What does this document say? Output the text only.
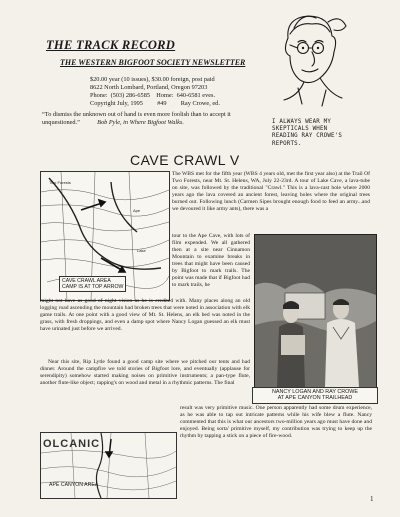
THE TRACK RECORD
THE WESTERN BIGFOOT SOCIETY NEWSLETTER
$20.00 year (10 issues), $30.00 foreign, post paid
8622 North Lombard, Portland, Oregon 97203
Phone:  (503) 286-6585    Home:  640-6581 eves.
Copyright July, 1995         #49         Ray Crowe, ed.
“To dismiss the unknown out of hand is even more foolish than to accept it unquestioned.”	Bob Pyle, in Where Bigfoot Walks.	I ALWAYS WEAR MY
SKEPTICALS WHEN
READING RAY CROWE'S
REPORTS.
CAVE CRAWL V
Two Forests
Ape
Lake
CAVE CRAWL AREA
CAMP IS AT TOP ARROW
The WBS met for the fifth year (WBS 4 years old, met the first year also) at the Trail Of Two Forests, near Mt. St. Helens, WA, July 22-23rd. A tour of Lake Cave, a lava-tube on site, was followed by the traditional "Crawl." This is a lava-cast hole where 2000 years ago the lava covered an ancient forest, leaving holes where the original trees burned out. Following lunch (Carmen Sipes brought enough food to feed an army...and we devoured it like army ants), there was a
tour to the Ape Cave, with lots of film expended. We all gathered then at a site near Cinnamon Mountain to examine breaks in trees that might have been caused by Bigfoot to mark trails. The point was made that if Bigfoot had to mark trails, he
might not have as good of night vision as he is credited with. Many places along an old logging road ascending the mountain had broken trees that were noted in association with elk game trails. At one point with a good view of Mt. St. Helens, an elk bed was noted in the grass, with fresh droppings, and even a damp spot where Nancy Logan guessed an elk must have urinated just before we arrived.
Near this site, Rip Lytle found a good camp site where we pitched our tents and had dinner. Around the campfire we told stories of Bigfoot lore, and eventually (applause for serendipity) somehow started making noises on primitive instruments; a pan-type flute, another flute-like object; rapping's on wood and metal in a rhythmic patterns. The final
result was very primitive music. One person apparently had some drum experience, as he was able to tap out intricate patterns while his wife blew a flute. Nancy commented that this is what our ancestors two-million years ago must have done and enjoyed. Being sorta' primitive myself, my contribution was trying to keep up the rhythm by tapping a stick on a piece of fire-wood.
NANCY LOGAN AND RAY CROWE
AT APE CANYON TRAILHEAD
OLCANIC
APE CANYON AREA
1
